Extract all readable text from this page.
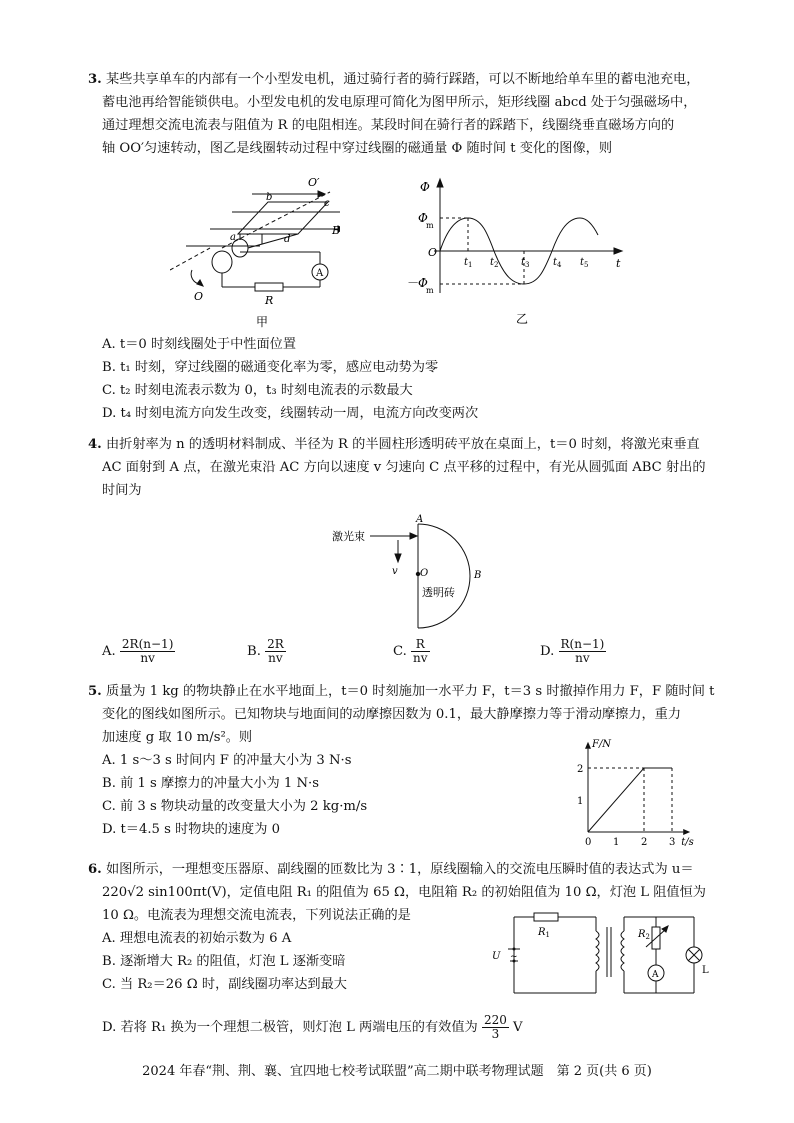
3. 某些共享单车的内部有一个小型发电机，通过骑行者的骑行踩踏，可以不断地给单车里的蓄电池充电，
蓄电池再给智能锁供电。小型发电机的发电原理可简化为图甲所示，矩形线圈 abcd 处于匀强磁场中，
通过理想交流电流表与阻值为 R 的电阻相连。某段时间在骑行者的踩踏下，线圈绕垂直磁场方向的
轴 OO′匀速转动，图乙是线圈转动过程中穿过线圈的磁通量 Φ 随时间 t 变化的图像，则
O′
b
c
a	d
B
R
A
O
甲
Φ
Φ
m
O
－Φ
m
t
$t_1$ $t_2$ $t_3$ $t_4$ $t_5$
乙
A. t＝0 时刻线圈处于中性面位置
B. t₁ 时刻，穿过线圈的磁通变化率为零，感应电动势为零
C. t₂ 时刻电流表示数为 0，t₃ 时刻电流表的示数最大
D. t₄ 时刻电流方向发生改变，线圈转动一周，电流方向改变两次
4. 由折射率为 n 的透明材料制成、半径为 R 的半圆柱形透明砖平放在桌面上，t＝0 时刻，将激光束垂直
AC 面射到 A 点，在激光束沿 AC 方向以速度 v 匀速向 C 点平移的过程中，有光从圆弧面 ABC 射出的
时间为
激光束
v
A
B
O
透明砖
A. $\frac{2R(n-1)}{nv}$	B. $\frac{2R}{nv}$	C. $\frac{R}{nv}$	D. $\frac{R(n-1)}{nv}$
5. 质量为 1 kg 的物块静止在水平地面上，t＝0 时刻施加一水平力 F，t＝3 s 时撤掉作用力 F，F 随时间 t
变化的图线如图所示。已知物块与地面间的动摩擦因数为 0.1，最大静摩擦力等于滑动摩擦力，重力
加速度 g 取 10 m/s²。则
A. 1 s～3 s 时间内 F 的冲量大小为 3 N·s
B. 前 1 s 摩擦力的冲量大小为 1 N·s
C. 前 3 s 物块动量的改变量大小为 2 kg·m/s
D. t＝4.5 s 时物块的速度为 0
F/N
t/s
0 1 2 3
1
2
6. 如图所示，一理想变压器原、副线圈的匝数比为 3∶1，原线圈输入的交流电压瞬时值的表达式为 u＝
220√2 sin100πt(V)，定值电阻 R₁ 的阻值为 65 Ω，电阻箱 R₂ 的初始阻值为 10 Ω，灯泡 L 阻值恒为
10 Ω。电流表为理想交流电流表，下列说法正确的是
A. 理想电流表的初始示数为 6 A
B. 逐渐增大 R₂ 的阻值，灯泡 L 逐渐变暗
C. 当 R₂＝26 Ω 时，副线圈功率达到最大
$R_1$	$R_2$
U ~
A	L
D. 若将 R₁ 换为一个理想二极管，则灯泡 L 两端电压的有效值为 $\frac{220}{3}$ V
2024 年春“荆、荆、襄、宜四地七校考试联盟”高二期中联考物理试题　第 2 页(共 6 页)
